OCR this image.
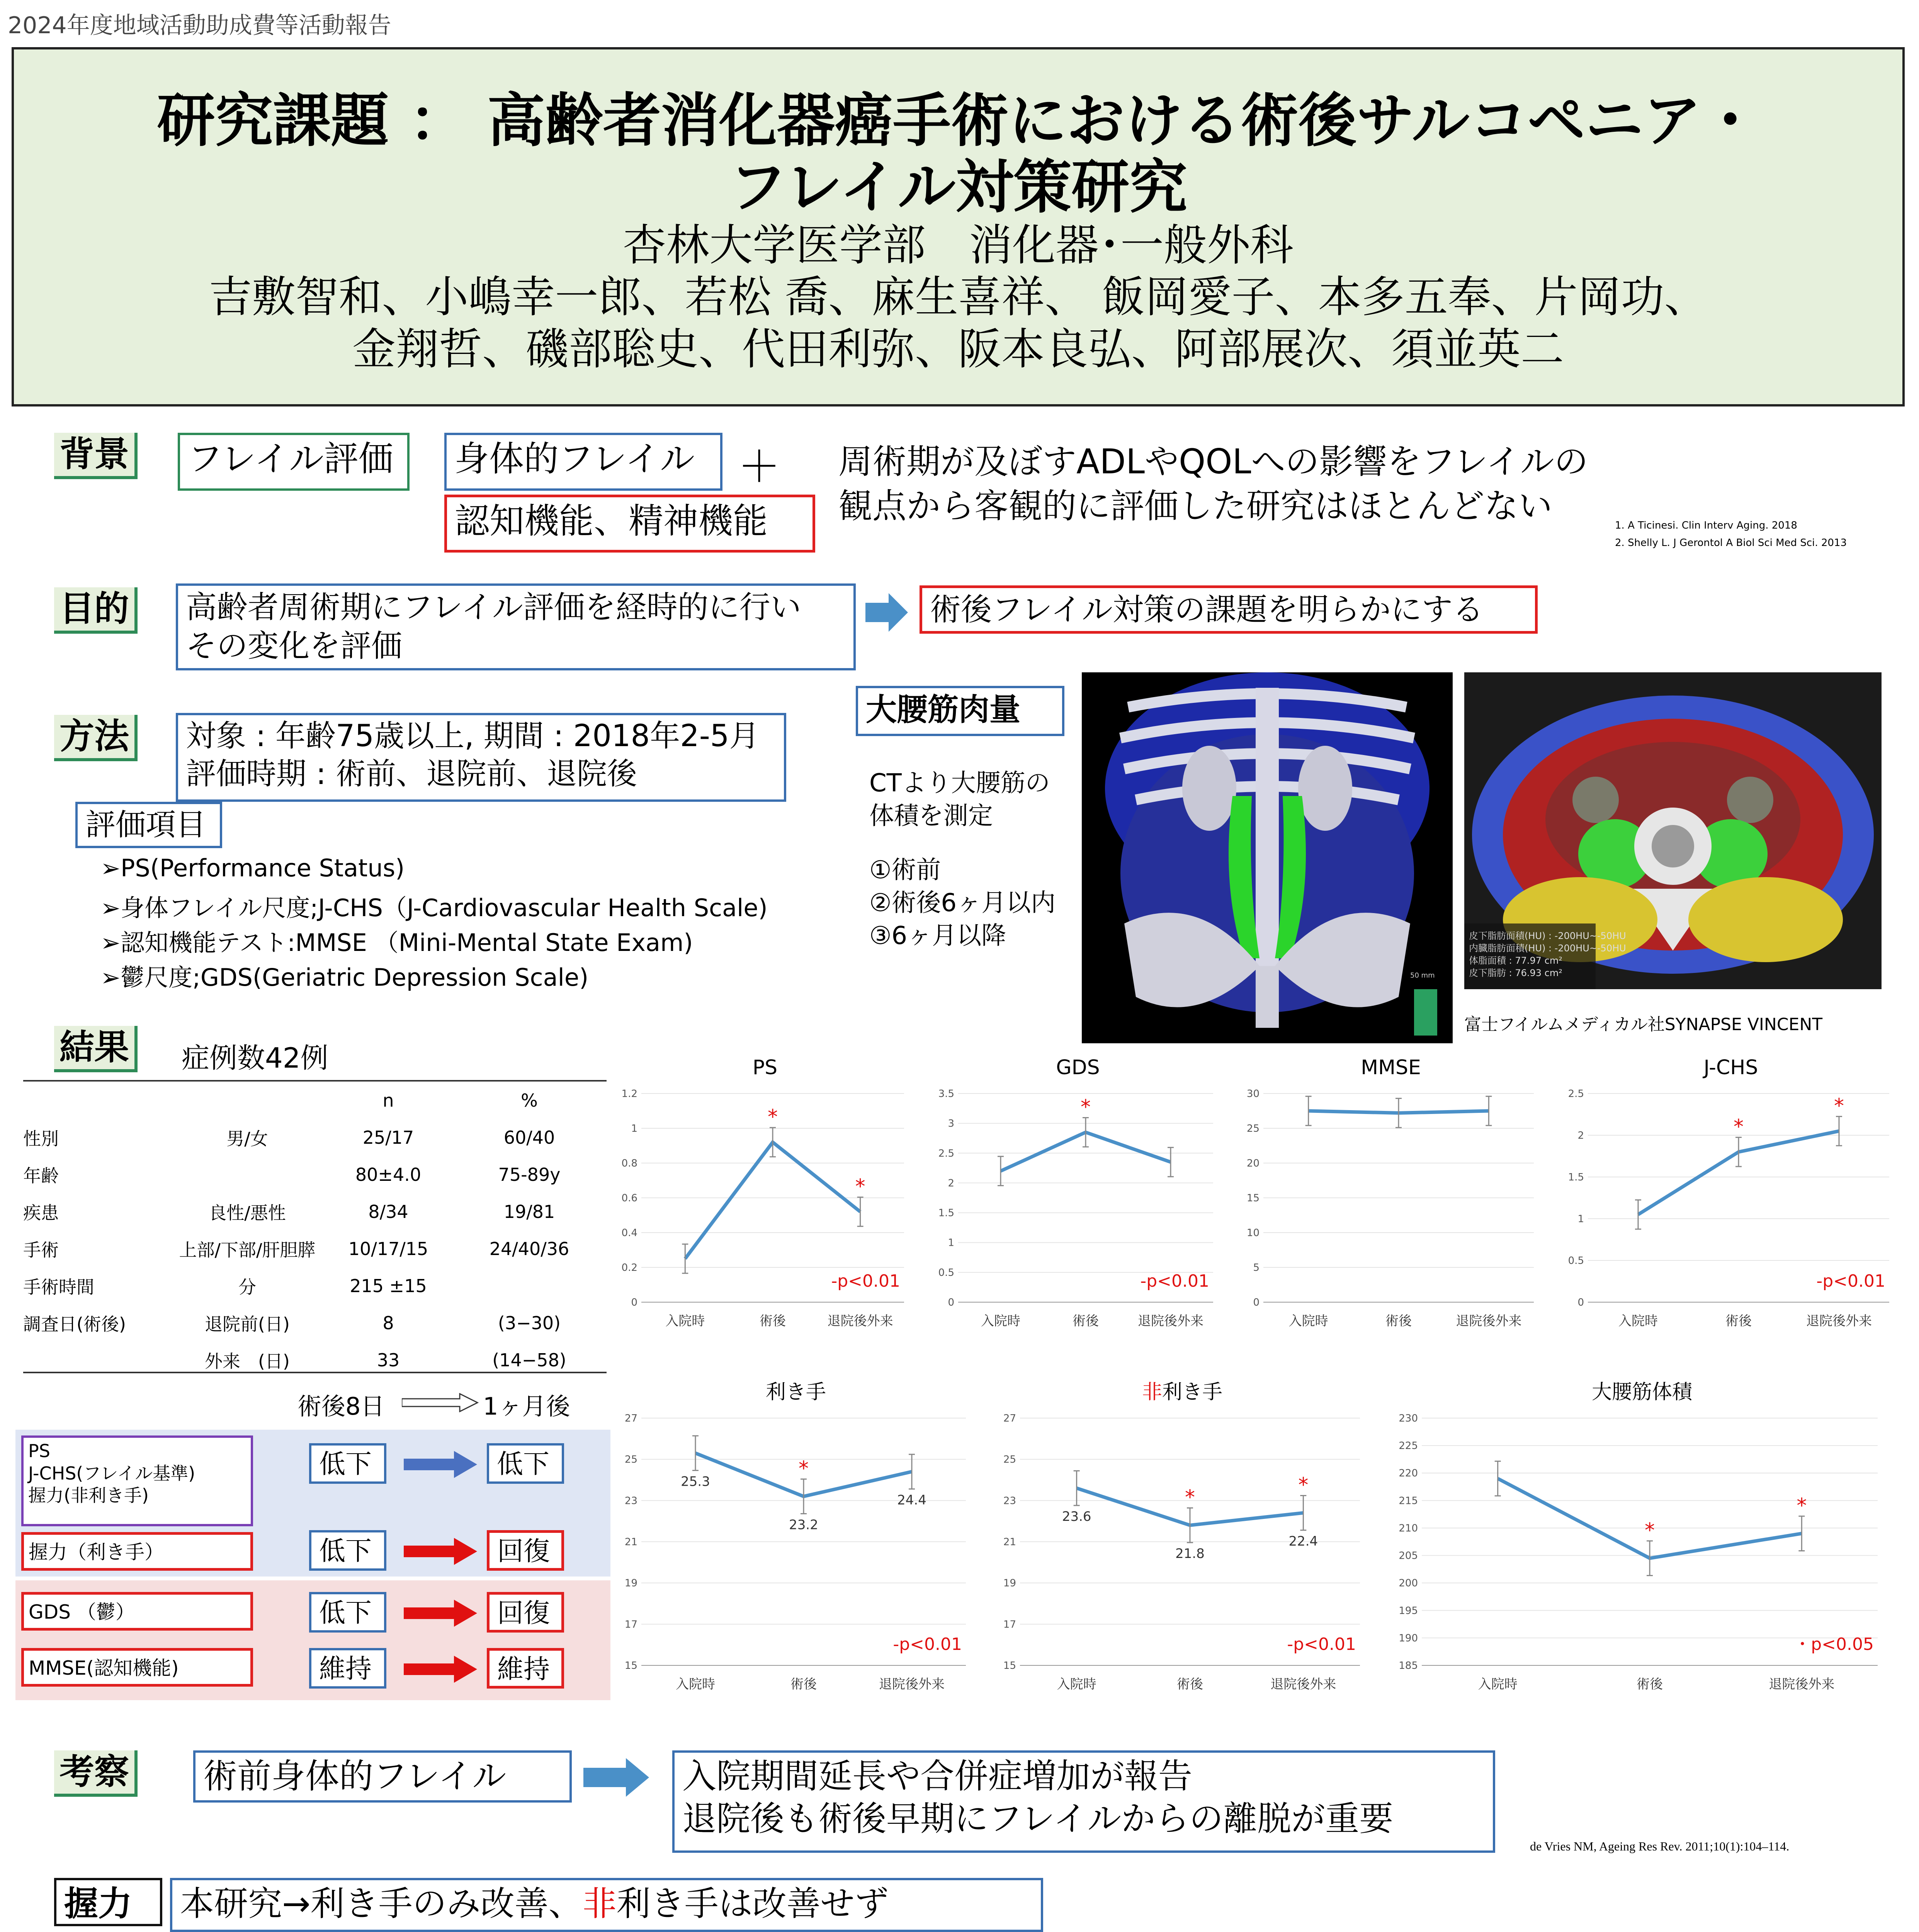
2024年度地域活動助成費等活動報告
研究課題 ： 高齢者消化器癌手術における術後サルコペニア・
フレイル対策研究
杏林大学医学部　消化器･一般外科
吉敷智和、小嶋幸一郎、若松 喬、麻生喜祥、 飯岡愛子、本多五奉、片岡功、
金翔哲、磯部聡史、代田利弥、阪本良弘、阿部展次、須並英二
背景 フレイル評価	身体的フレイル	＋
認知機能、精神機能
周術期が及ぼすADLやQOLへの影響をフレイルの
観点から客観的に評価した研究はほとんどない	1. A Ticinesi. Clin Interv Aging. 2018
2. Shelly L. J Gerontol A Biol Sci Med Sci. 2013
目的 高齢者周術期にフレイル評価を経時的に行い
その変化を評価
術後フレイル対策の課題を明らかにする
方法 対象 : 年齢75歳以上, 期間 : 2018年2-5月
評価時期 : 術前、退院前、退院後
評価項目
➢PS(Performance Status)
➢身体フレイル尺度;J-CHS（J-Cardiovascular Health Scale)
➢認知機能テスト:MMSE （Mini-Mental State Exam)
➢鬱尺度;GDS(Geriatric Depression Scale)
大腰筋肉量
CTより大腰筋の
体積を測定
①術前
②術後6ヶ月以内
③6ヶ月以降
50 mm
皮下脂肪面積(HU) : -200HU~-50HU
内臓脂肪面積(HU) : -200HU~-50HU
体脂面積 : 77.97 cm²
皮下脂肪 : 76.93 cm²
富士フイルムメディカル社SYNAPSE VINCENT
結果	症例数42例
		n	%
性別	男/女	25/17	60/40
年齢		80±4.0	75-89y
疾患	良性/悪性	8/34	19/81
手術	上部/下部/肝胆膵	10/17/15	24/40/36
手術時間	分	215 ±15	
調査日(術後)	退院前(日)	8	(3−30)
	外来　(日)	33	(14−58)
術後8日	1ヶ月後
PS
J-CHS(フレイル基準)
握力(非利き手)
低下	低下
握力（利き手）	低下	回復
GDS （鬱）	低下	回復
MMSE(認知機能)	維持	維持
PS
1.2
1
0.8
0.6
0.4
0.2
0
入院時	術後	退院後外来
*
*
-p<0.01
GDS
3.5
3
2.5
2
1.5
1
0.5
0
入院時	術後	退院後外来
*
-p<0.01
MMSE
30
25
20
15
10
5
0
入院時	術後	退院後外来
J-CHS
2.5
2
1.5
1
0.5
0
入院時	術後	退院後外来
*
*
-p<0.01
利き手
27
25
23
21
19
17
15
入院時	術後	退院後外来
25.3
*
23.2
24.4
-p<0.01
非利き手
27
25
23
21
19
17
15
入院時	術後	退院後外来
23.6
*
21.8
*
22.4
-p<0.01
大腰筋体積
230
225
220
215
210
205
200
195
190
185
入院時	術後	退院後外来
*
*
・p<0.05
考察 術前身体的フレイル	入院期間延長や合併症増加が報告
退院後も術後早期にフレイルからの離脱が重要
de Vries NM, Ageing Res Rev. 2011;10(1):104–114.
握力	本研究→利き手のみ改善、非利き手は改善せず
